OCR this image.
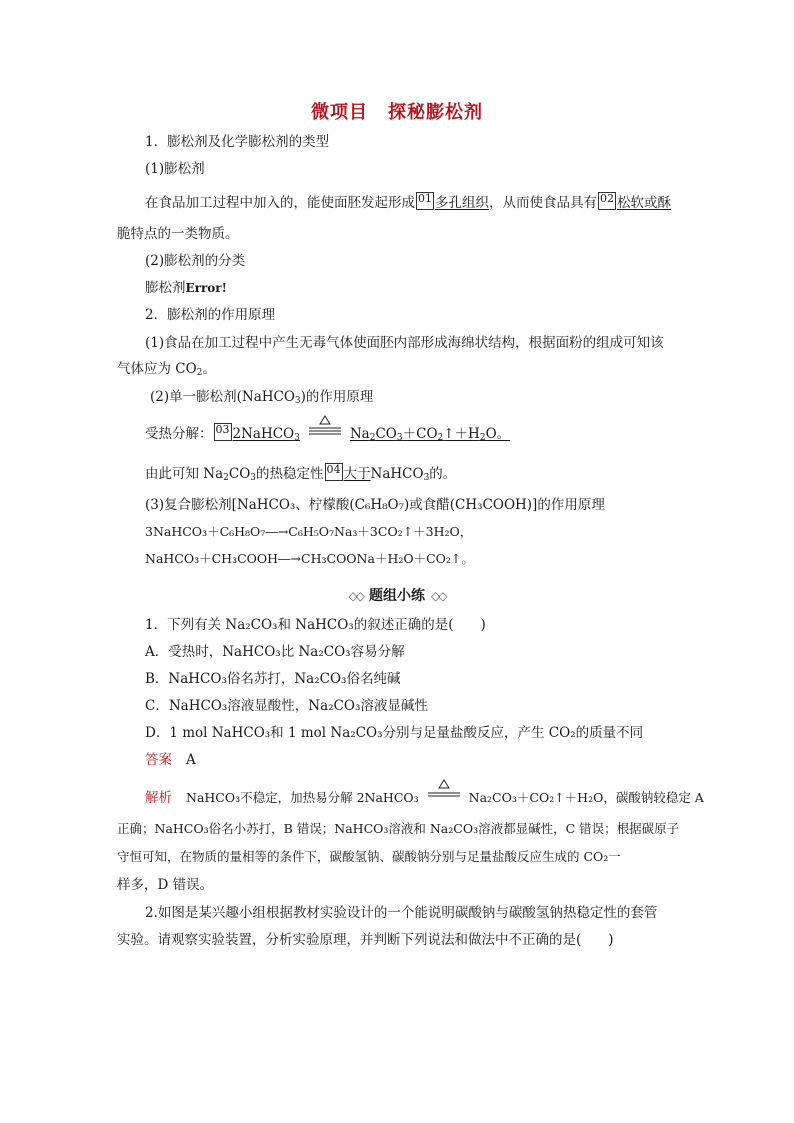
微项目 探秘膨松剂
1．膨松剂及化学膨松剂的类型
(1)膨松剂
在食品加工过程中加入的，能使面胚发起形成 01 多孔组织，从而使食品具有 02 松软或酥
脆特点的一类物质。
(2)膨松剂的分类
膨松剂Error!
2．膨松剂的作用原理
(1)食品在加工过程中产生无毒气体使面胚内部形成海绵状结构，根据面粉的组成可知该
气体应为 $CO_2$。
(2)单一膨松剂(NaHCO$_3$)的作用原理
受热分解： 03 2NaHCO$_3$	$Na_2CO_3+CO_2↑+H_2O$。
由此可知 $Na_2CO_3$的热稳定性 04 大于NaHCO$_3$的。
(3)复合膨松剂[NaHCO₃、柠檬酸(C₆H₈O₇)或食醋(CH₃COOH)]的作用原理
3NaHCO₃＋C₆H₈O₇―→C₆H₅O₇Na₃＋3CO₂↑＋3H₂O，
NaHCO₃＋CH₃COOH―→CH₃COONa＋H₂O＋CO₂↑。
◇◇ 题组小练 ◇◇
1．下列有关 Na₂CO₃和 NaHCO₃的叙述正确的是(　　)
A．受热时，NaHCO₃比 Na₂CO₃容易分解
B．NaHCO₃俗名苏打，Na₂CO₃俗名纯碱
C．NaHCO₃溶液显酸性，Na₂CO₃溶液显碱性
D．1 mol NaHCO₃和 1 mol Na₂CO₃分别与足量盐酸反应，产生 CO₂的质量不同
答案 A
解析 NaHCO₃不稳定，加热易分解 2NaHCO₃	Na₂CO₃＋CO₂↑＋H₂O，碳酸钠较稳定 A
正确；NaHCO₃俗名小苏打，B 错误；NaHCO₃溶液和 Na₂CO₃溶液都显碱性，C 错误；根据碳原子
守恒可知，在物质的量相等的条件下，碳酸氢钠、碳酸钠分别与足量盐酸反应生成的 CO₂一
样多，D 错误。
2.如图是某兴趣小组根据教材实验设计的一个能说明碳酸钠与碳酸氢钠热稳定性的套管
实验。请观察实验装置，分析实验原理，并判断下列说法和做法中不正确的是(　　)
